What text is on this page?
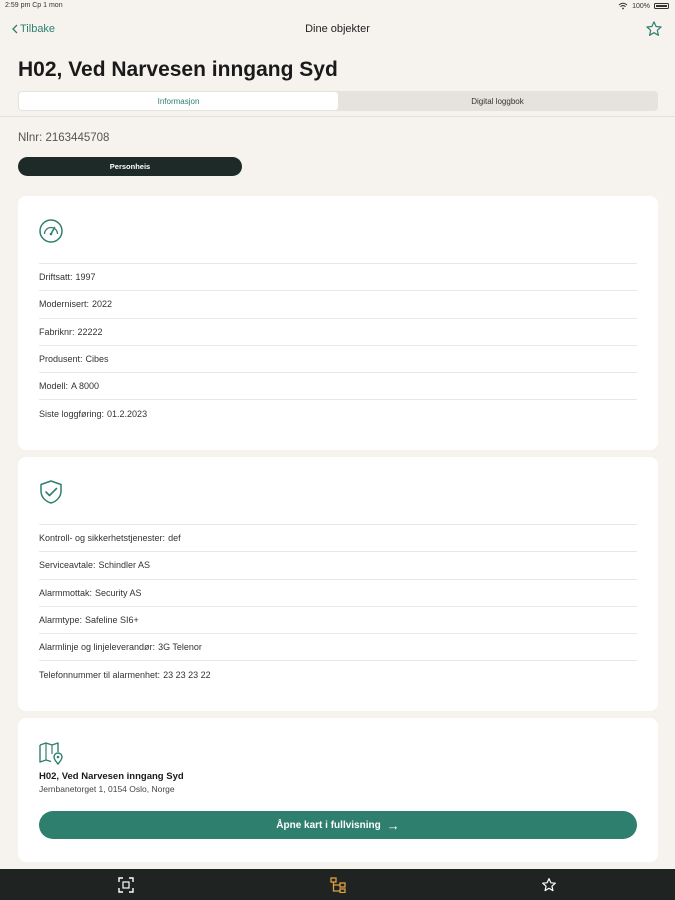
2:59 pm Cp 1 mon	100%
Tilbake	Dine objekter
H02, Ved Narvesen inngang Syd
Informasjon	Digital loggbok
Nlnr: 2163445708
Personheis
Driftsatt: 1997
Modernisert: 2022
Fabriknr: 22222
Produsent: Cibes
Modell: A 8000
Siste loggføring: 01.2.2023
Kontroll- og sikkerhetstjenester: def
Serviceavtale: Schindler AS
Alarmmottak: Security AS
Alarmtype: Safeline SI6+
Alarmlinje og linjeleverandør: 3G Telenor
Telefonnummer til alarmenhet: 23 23 23 22
H02, Ved Narvesen inngang Syd
Jernbanetorget 1, 0154 Oslo, Norge
Åpne kart i fullvisning →
